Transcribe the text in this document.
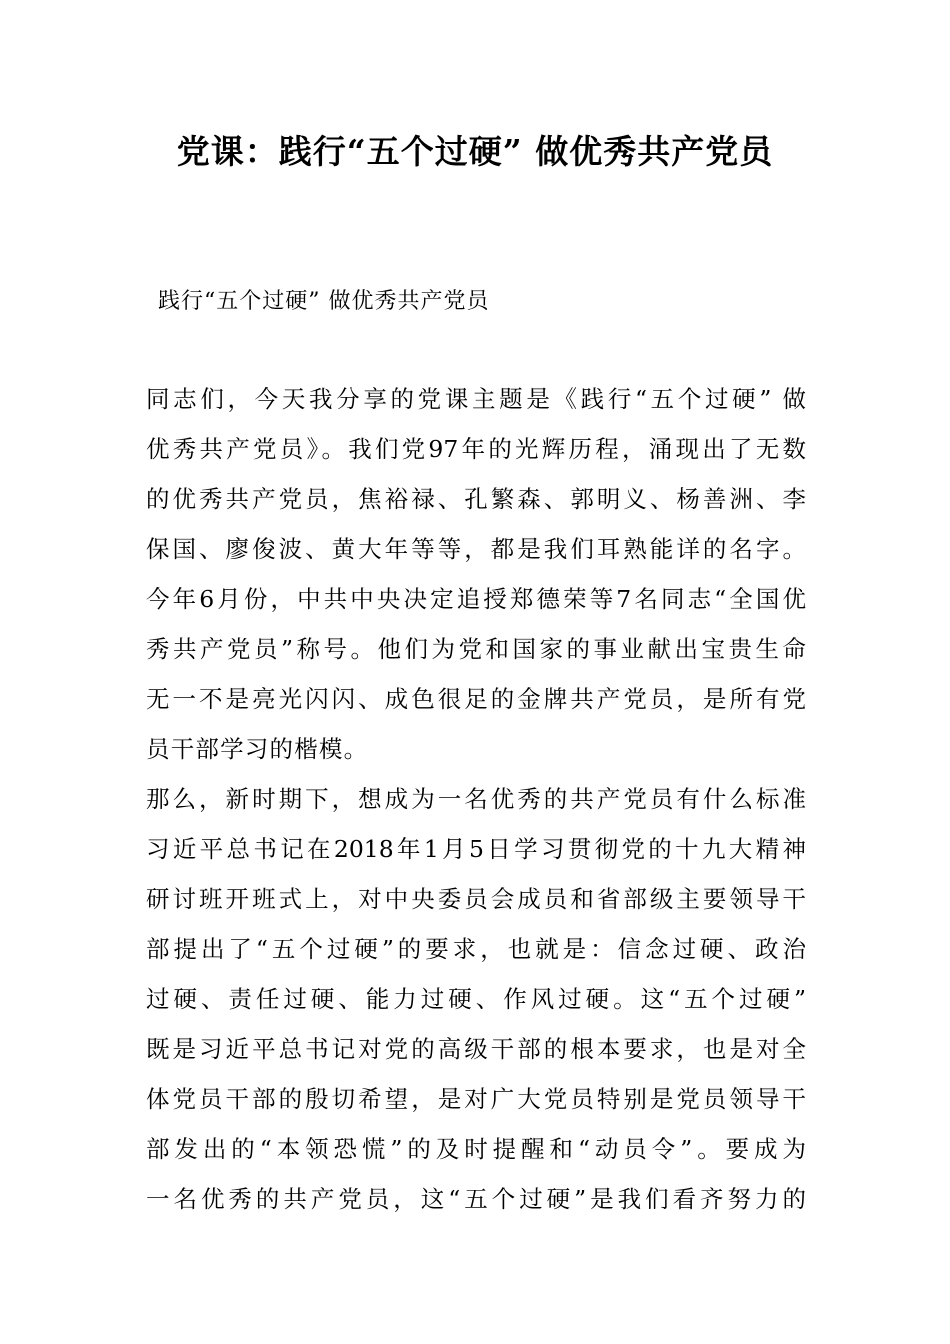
党课：践行“五个过硬” 做优秀共产党员
践行“五个过硬” 做优秀共产党员
同志们，今天我分享的党课主题是《践行“五个过硬” 做
优秀共产党员》。我们党97年的光辉历程，涌现出了无数
的优秀共产党员，焦裕禄、孔繁森、郭明义、杨善洲、李
保国、廖俊波、黄大年等等，都是我们耳熟能详的名字。
今年6月份，中共中央决定追授郑德荣等7名同志“全国优
秀共产党员”称号。他们为党和国家的事业献出宝贵生命
无一不是亮光闪闪、成色很足的金牌共产党员，是所有党
员干部学习的楷模。
那么，新时期下，想成为一名优秀的共产党员有什么标准
习近平总书记在2018年1月5日学习贯彻党的十九大精神
研讨班开班式上，对中央委员会成员和省部级主要领导干
部提出了“五个过硬”的要求，也就是：信念过硬、政治
过硬、责任过硬、能力过硬、作风过硬。这“五个过硬”
既是习近平总书记对党的高级干部的根本要求，也是对全
体党员干部的殷切希望，是对广大党员特别是党员领导干
部发出的“本领恐慌”的及时提醒和“动员令”。要成为
一名优秀的共产党员，这“五个过硬”是我们看齐努力的
